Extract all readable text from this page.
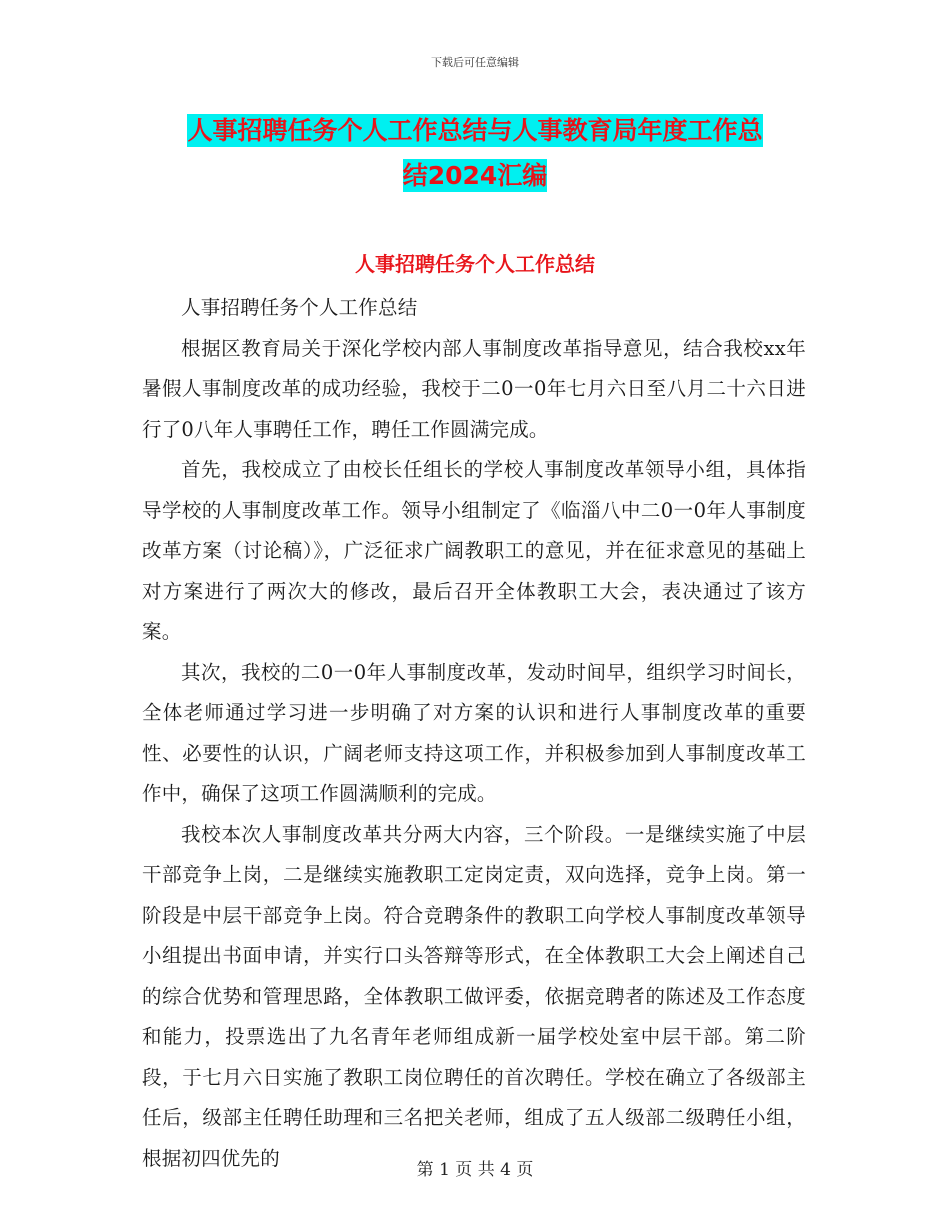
下载后可任意编辑
人事招聘任务个人工作总结与人事教育局年度工作总
结2024汇编
人事招聘任务个人工作总结

人事招聘任务个人工作总结

根据区教育局关于深化学校内部人事制度改革指导意见，结合我校xx年暑假人事制度改革的成功经验，我校于二0一0年七月六日至八月二十六日进行了0八年人事聘任工作，聘任工作圆满完成。

首先，我校成立了由校长任组长的学校人事制度改革领导小组，具体指导学校的人事制度改革工作。领导小组制定了《临淄八中二0一0年人事制度改革方案（讨论稿）》，广泛征求广阔教职工的意见，并在征求意见的基础上对方案进行了两次大的修改，最后召开全体教职工大会，表决通过了该方案。

其次，我校的二0一0年人事制度改革，发动时间早，组织学习时间长，全体老师通过学习进一步明确了对方案的认识和进行人事制度改革的重要性、必要性的认识，广阔老师支持这项工作，并积极参加到人事制度改革工作中，确保了这项工作圆满顺利的完成。

我校本次人事制度改革共分两大内容，三个阶段。一是继续实施了中层干部竞争上岗，二是继续实施教职工定岗定责，双向选择，竞争上岗。第一阶段是中层干部竞争上岗。符合竞聘条件的教职工向学校人事制度改革领导小组提出书面申请，并实行口头答辩等形式，在全体教职工大会上阐述自己的综合优势和管理思路，全体教职工做评委，依据竞聘者的陈述及工作态度和能力，投票选出了九名青年老师组成新一届学校处室中层干部。第二阶段，于七月六日实施了教职工岗位聘任的首次聘任。学校在确立了各级部主任后，级部主任聘任助理和三名把关老师，组成了五人级部二级聘任小组，根据初四优先的

第 1 页 共 4 页
